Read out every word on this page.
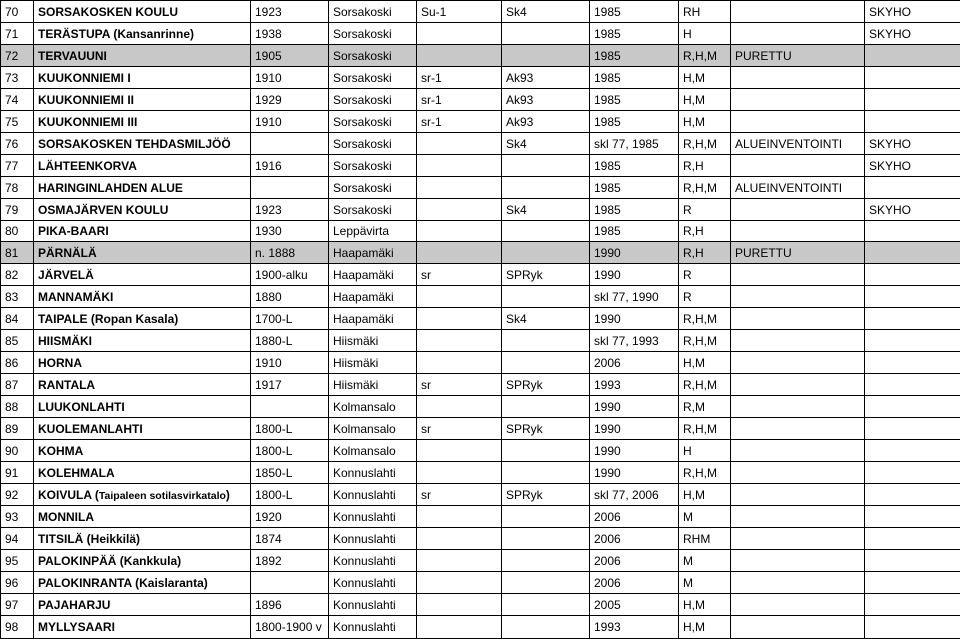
70	SORSAKOSKEN KOULU	1923	Sorsakoski	Su-1	Sk4	1985	RH		SKYHO
71	TERÄSTUPA (Kansanrinne)	1938	Sorsakoski			1985	H		SKYHO
72	TERVAUUNI	1905	Sorsakoski			1985	R,H,M	PURETTU	
73	KUUKONNIEMI I	1910	Sorsakoski	sr-1	Ak93	1985	H,M		
74	KUUKONNIEMI II	1929	Sorsakoski	sr-1	Ak93	1985	H,M		
75	KUUKONNIEMI III	1910	Sorsakoski	sr-1	Ak93	1985	H,M		
76	SORSAKOSKEN TEHDASMILJÖÖ		Sorsakoski		Sk4	skl 77, 1985	R,H,M	ALUEINVENTOINTI	SKYHO
77	LÄHTEENKORVA	1916	Sorsakoski			1985	R,H		SKYHO
78	HARINGINLAHDEN ALUE		Sorsakoski			1985	R,H,M	ALUEINVENTOINTI	
79	OSMAJÄRVEN KOULU	1923	Sorsakoski		Sk4	1985	R		SKYHO
80	PIKA-BAARI	1930	Leppävirta			1985	R,H		
81	PÄRNÄLÄ	n. 1888	Haapamäki			1990	R,H	PURETTU	
82	JÄRVELÄ	1900-alku	Haapamäki	sr	SPRyk	1990	R		
83	MANNAMÄKI	1880	Haapamäki			skl 77, 1990	R		
84	TAIPALE (Ropan Kasala)	1700-L	Haapamäki		Sk4	1990	R,H,M		
85	HIISMÄKI	1880-L	Hiismäki			skl 77, 1993	R,H,M		
86	HORNA	1910	Hiismäki			2006	H,M		
87	RANTALA	1917	Hiismäki	sr	SPRyk	1993	R,H,M		
88	LUUKONLAHTI		Kolmansalo			1990	R,M		
89	KUOLEMANLAHTI	1800-L	Kolmansalo	sr	SPRyk	1990	R,H,M		
90	KOHMA	1800-L	Kolmansalo			1990	H		
91	KOLEHMALA	1850-L	Konnuslahti			1990	R,H,M		
92	KOIVULA (Taipaleen sotilasvirkatalo)	1800-L	Konnuslahti	sr	SPRyk	skl 77, 2006	H,M		
93	MONNILA	1920	Konnuslahti			2006	M		
94	TITSILÄ (Heikkilä)	1874	Konnuslahti			2006	RHM		
95	PALOKINPÄÄ (Kankkula)	1892	Konnuslahti			2006	M		
96	PALOKINRANTA (Kaislaranta)		Konnuslahti			2006	M		
97	PAJAHARJU	1896	Konnuslahti			2005	H,M		
98	MYLLYSAARI	1800-1900 v	Konnuslahti			1993	H,M		
